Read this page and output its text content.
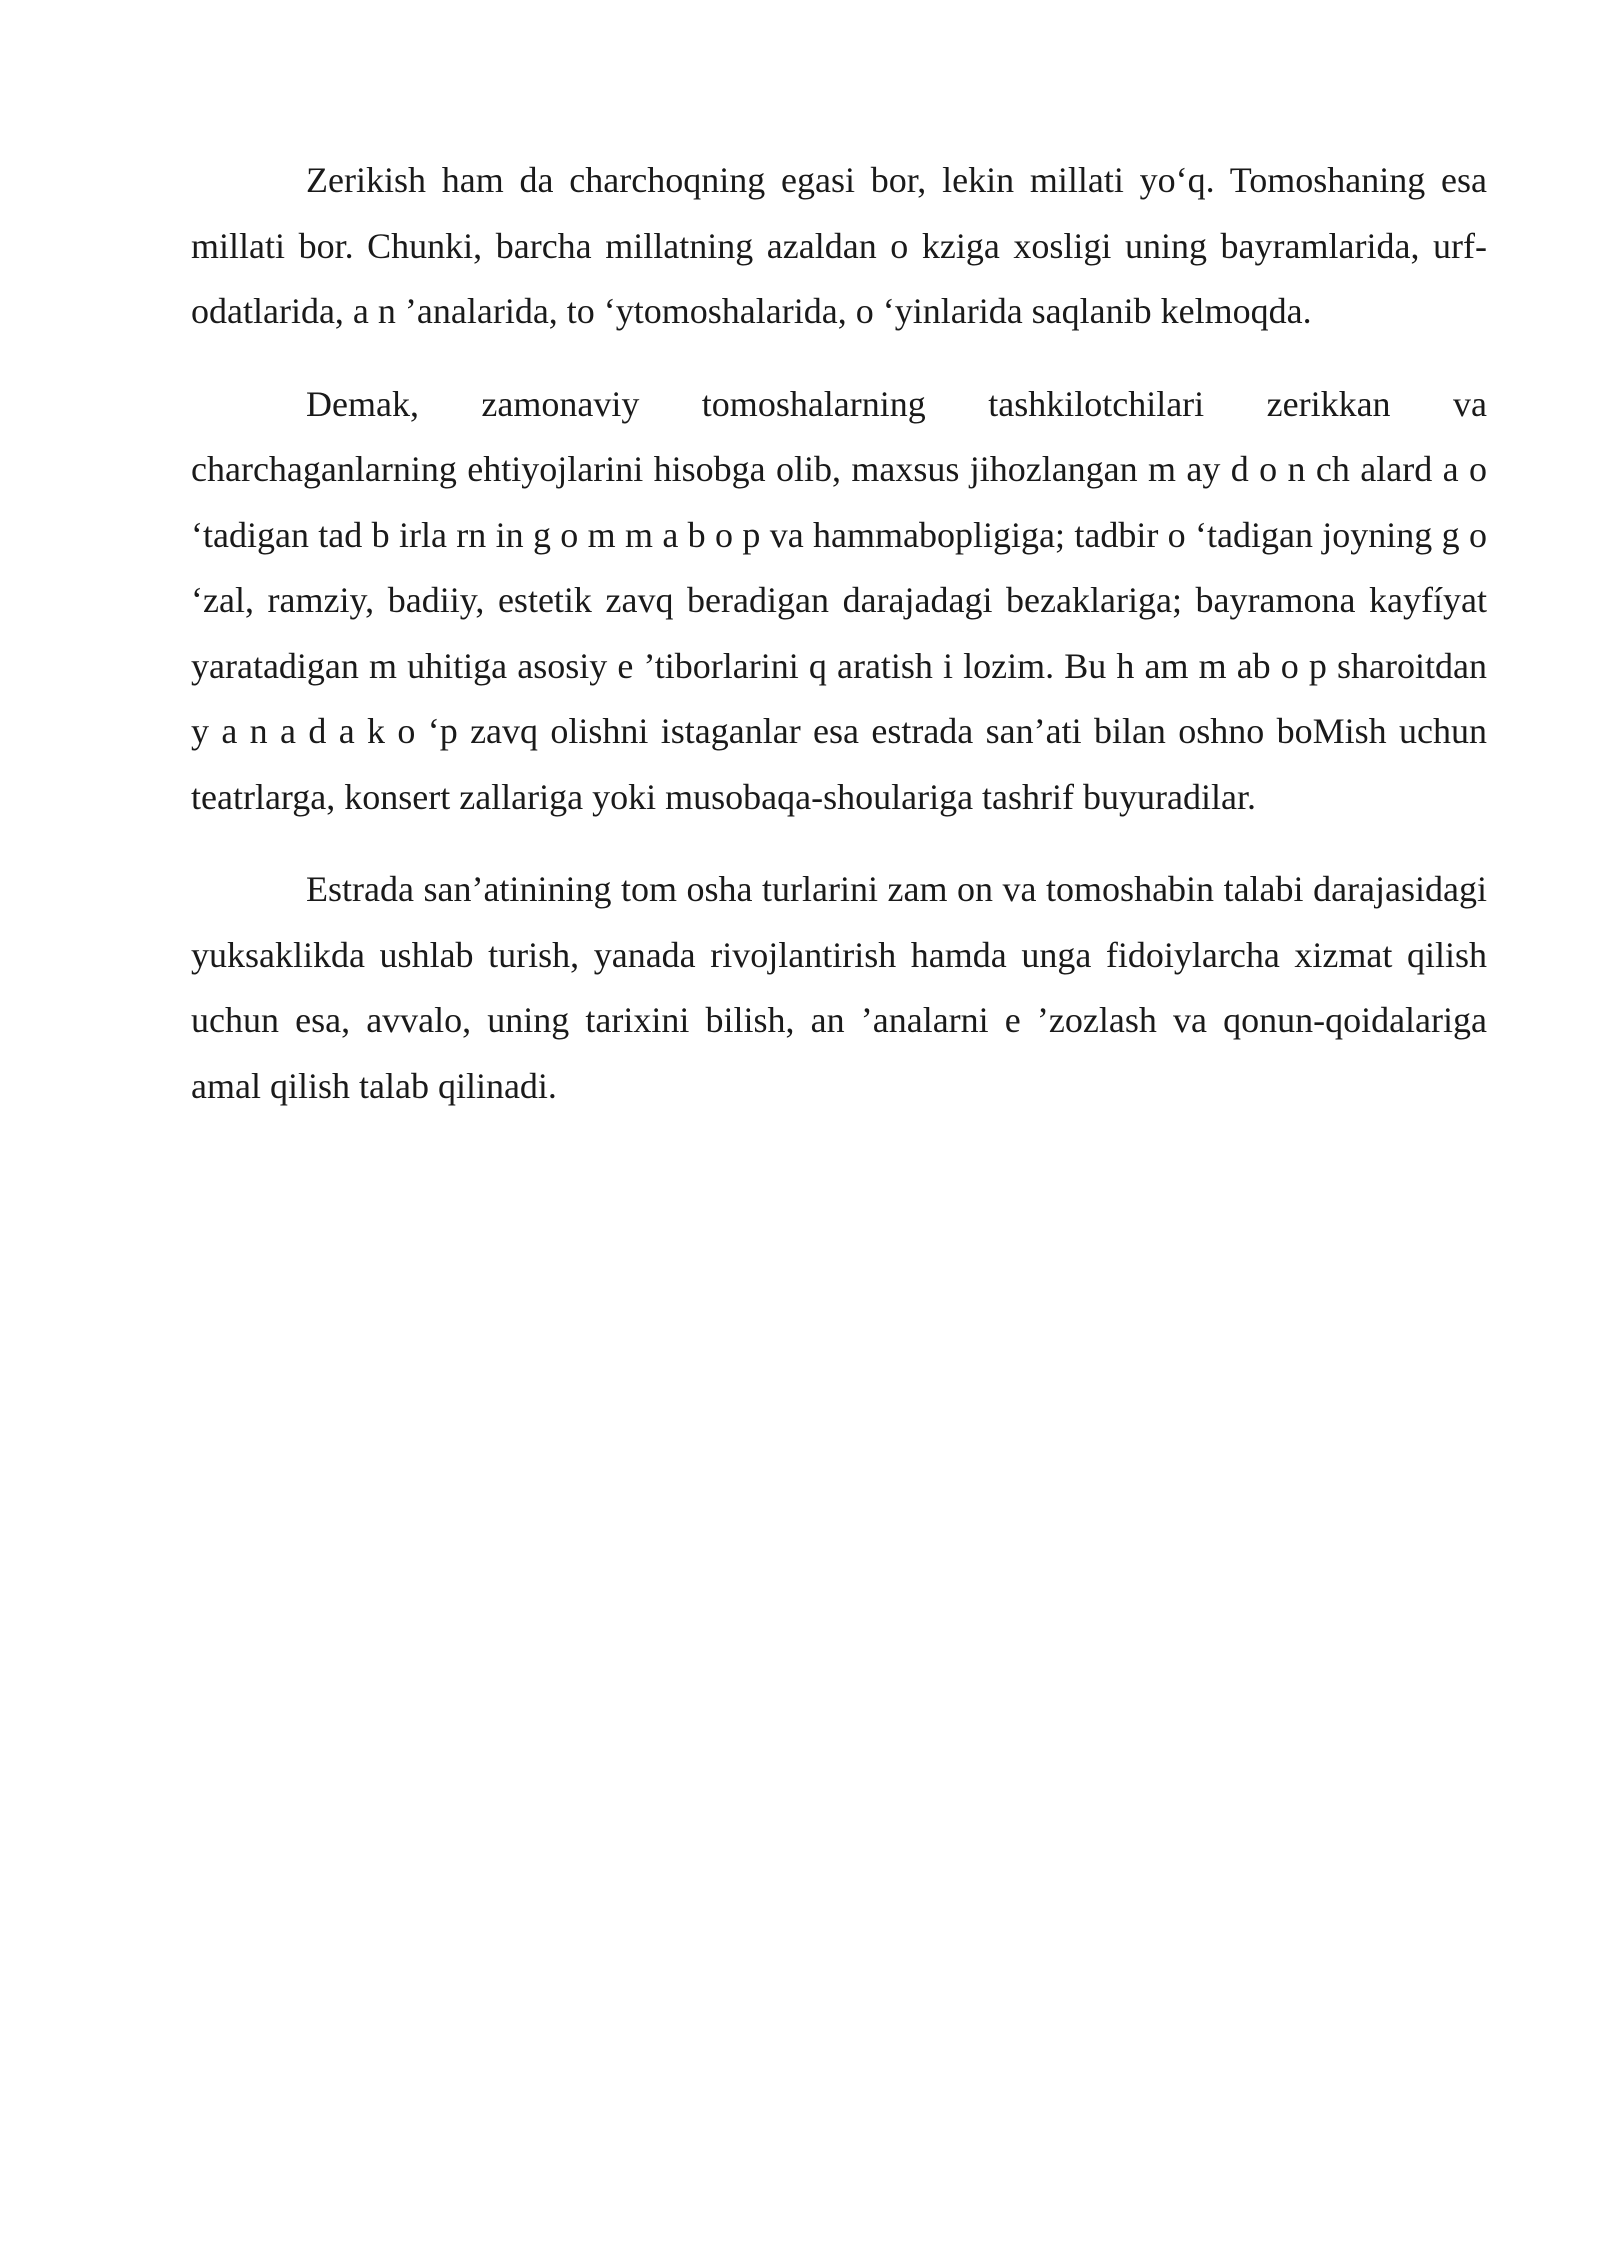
Zerikish ham da charchoqning egasi bor, lekin millati yo‘q. Tomoshaning esa millati bor. Chunki, barcha millatning azaldan o kziga xosligi uning bayramlarida, urf-odatlarida, a n ’analarida, to ‘ytomoshalarida, o ‘yinlarida saqlanib kelmoqda.

Demak, zamonaviy tomoshalarning tashkilotchilari zerikkan va charchaganlarning ehtiyojlarini hisobga olib, maxsus jihozlangan m ay d o n ch alard a o ‘tadigan tad b irla rn in g o m m a b o p va hammabopligiga; tadbir o ‘tadigan joyning g o ‘zal, ramziy, badiiy, estetik zavq beradigan darajadagi bezaklariga; bayramona kayfíyat yaratadigan m uhitiga asosiy e ’tiborlarini q aratish i lozim. Bu h am m ab o p sharoitdan y a n a d a k o ‘p zavq olishni istaganlar esa estrada san’ati bilan oshno boMish uchun teatrlarga, konsert zallariga yoki musobaqa-shoulariga tashrif buyuradilar.

Estrada san’atinining tom osha turlarini zam on va tomoshabin talabi darajasidagi yuksaklikda ushlab turish, yanada rivojlantirish hamda unga fidoiylarcha xizmat qilish uchun esa, avvalo, uning tarixini bilish, an ’analarni e ’zozlash va qonun-qoidalariga amal qilish talab qilinadi.
